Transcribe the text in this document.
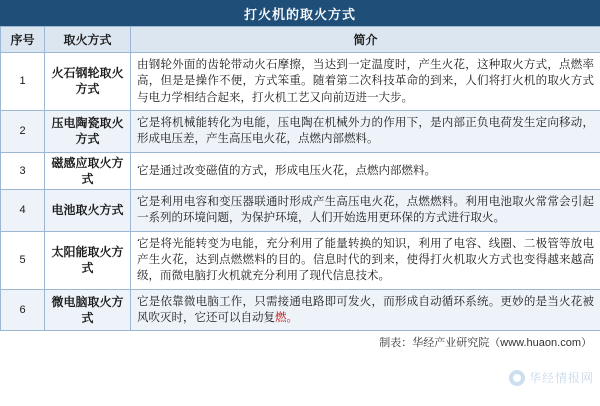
打火机的取火方式
序号	取火方式	简介
1	火石钢轮取火方式	由钢轮外面的齿轮带动火石摩擦，当达到一定温度时，产生火花，这种取火方式，点燃率高，但是是操作不便，方式笨重。随着第二次科技革命的到来，人们将打火机的取火方式与电力学相结合起来，打火机工艺又向前迈进一大步。
2	压电陶瓷取火方式	它是将机械能转化为电能，压电陶在机械外力的作用下，是内部正负电荷发生定向移动，形成电压差，产生高压电火花，点燃内部燃料。
3	磁感应取火方式	它是通过改变磁值的方式，形成电压火花，点燃内部燃料。
4	电池取火方式	它是利用电容和变压器联通时形成产生高压电火花，点燃燃料。利用电池取火常常会引起一系列的环境问题，为保护环境，人们开始选用更环保的方式进行取火。
5	太阳能取火方式	它是将光能转变为电能，充分利用了能量转换的知识，利用了电容、线圈、二极管等放电产生火花，达到点燃燃料的目的。信息时代的到来，使得打火机取火方式也变得越来越高级，而微电脑打火机就充分利用了现代信息技术。
6	微电脑取火方式	它是依靠微电脑工作，只需接通电路即可发火，而形成自动循环系统。更妙的是当火花被风吹灭时，它还可以自动复燃。
华经情报网
制表：华经产业研究院（ www.huaon.com）
